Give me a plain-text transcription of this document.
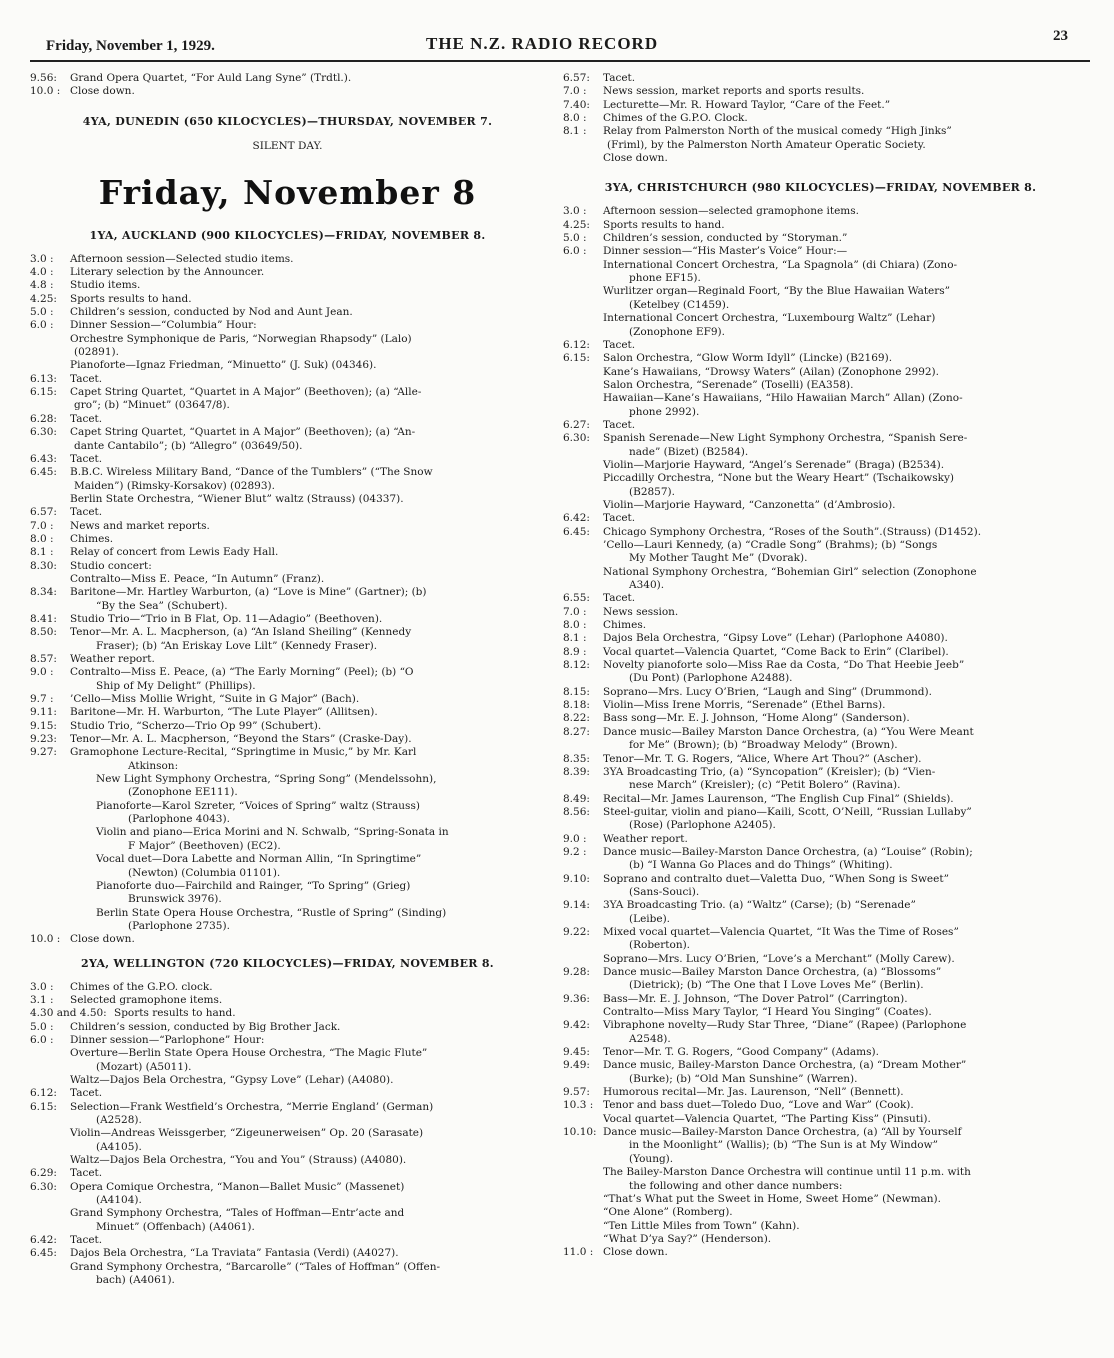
Friday, November 1, 1929.	THE N.Z. RADIO RECORD	23
9.56: Grand Opera Quartet, “For Auld Lang Syne” (Trdtl.).
10.0 : Close down.
4YA, DUNEDIN (650 KILOCYCLES)—THURSDAY, NOVEMBER 7.
SILENT DAY.
Friday, November 8
1YA, AUCKLAND (900 KILOCYCLES)—FRIDAY, NOVEMBER 8.
3.0 : Afternoon session—Selected studio items.
4.0 : Literary selection by the Announcer.
4.8 : Studio items.
4.25: Sports results to hand.
5.0 : Children’s session, conducted by Nod and Aunt Jean.
6.0 : Dinner Session—“Columbia” Hour:
Orchestre Symphonique de Paris, “Norwegian Rhapsody” (Lalo)
(02891).
Pianoforte—Ignaz Friedman, “Minuetto” (J. Suk) (04346).
6.13: Tacet.
6.15: Capet String Quartet, “Quartet in A Major” (Beethoven); (a) “Alle-
gro”; (b) “Minuet” (03647/8).
6.28: Tacet.
6.30: Capet String Quartet, “Quartet in A Major” (Beethoven); (a) “An-
dante Cantabilo”; (b) “Allegro” (03649/50).
6.43: Tacet.
6.45: B.B.C. Wireless Military Band, “Dance of the Tumblers” (“The Snow
Maiden”) (Rimsky-Korsakov) (02893).
Berlin State Orchestra, “Wiener Blut” waltz (Strauss) (04337).
6.57: Tacet.
7.0 : News and market reports.
8.0 : Chimes.
8.1 : Relay of concert from Lewis Eady Hall.
8.30: Studio concert:
Contralto—Miss E. Peace, “In Autumn” (Franz).
8.34: Baritone—Mr. Hartley Warburton, (a) “Love is Mine” (Gartner); (b)
“By the Sea” (Schubert).
8.41: Studio Trio—“Trio in B Flat, Op. 11—Adagio” (Beethoven).
8.50: Tenor—Mr. A. L. Macpherson, (a) “An Island Sheiling” (Kennedy
Fraser); (b) “An Eriskay Love Lilt” (Kennedy Fraser).
8.57: Weather report.
9.0 : Contralto—Miss E. Peace, (a) “The Early Morning” (Peel); (b) “O
Ship of My Delight” (Phillips).
9.7 : ’Cello—Miss Mollie Wright, “Suite in G Major” (Bach).
9.11: Baritone—Mr. H. Warburton, “The Lute Player” (Allitsen).
9.15: Studio Trio, “Scherzo—Trio Op 99” (Schubert).
9.23: Tenor—Mr. A. L. Macpherson, “Beyond the Stars” (Craske-Day).
9.27: Gramophone Lecture-Recital, “Springtime in Music,” by Mr. Karl
Atkinson:
New Light Symphony Orchestra, “Spring Song” (Mendelssohn),
(Zonophone EE111).
Pianoforte—Karol Szreter, “Voices of Spring” waltz (Strauss)
(Parlophone 4043).
Violin and piano—Erica Morini and N. Schwalb, “Spring-Sonata in
F Major” (Beethoven) (EC2).
Vocal duet—Dora Labette and Norman Allin, “In Springtime”
(Newton) (Columbia 01101).
Pianoforte duo—Fairchild and Rainger, “To Spring” (Grieg)
Brunswick 3976).
Berlin State Opera House Orchestra, “Rustle of Spring” (Sinding)
(Parlophone 2735).
10.0 : Close down.
2YA, WELLINGTON (720 KILOCYCLES)—FRIDAY, NOVEMBER 8.
3.0 : Chimes of the G.P.O. clock.
3.1 : Selected gramophone items.
4.30 and 4.50: Sports results to hand.
5.0 : Children’s session, conducted by Big Brother Jack.
6.0 : Dinner session—“Parlophone” Hour:
Overture—Berlin State Opera House Orchestra, “The Magic Flute”
(Mozart) (A5011).
Waltz—Dajos Bela Orchestra, “Gypsy Love” (Lehar) (A4080).
6.12: Tacet.
6.15: Selection—Frank Westfield’s Orchestra, “Merrie England’ (German)
(A2528).
Violin—Andreas Weissgerber, “Zigeunerweisen” Op. 20 (Sarasate)
(A4105).
Waltz—Dajos Bela Orchestra, “You and You” (Strauss) (A4080).
6.29: Tacet.
6.30: Opera Comique Orchestra, “Manon—Ballet Music” (Massenet)
(A4104).
Grand Symphony Orchestra, “Tales of Hoffman—Entr’acte and
Minuet” (Offenbach) (A4061).
6.42: Tacet.
6.45: Dajos Bela Orchestra, “La Traviata” Fantasia (Verdi) (A4027).
Grand Symphony Orchestra, “Barcarolle” (“Tales of Hoffman” (Offen-
bach) (A4061).
6.57: Tacet.
7.0 : News session, market reports and sports results.
7.40: Lecturette—Mr. R. Howard Taylor, “Care of the Feet.”
8.0 : Chimes of the G.P.O. Clock.
8.1 : Relay from Palmerston North of the musical comedy “High Jinks”
(Friml), by the Palmerston North Amateur Operatic Society.
Close down.
3YA, CHRISTCHURCH (980 KILOCYCLES)—FRIDAY, NOVEMBER 8.
3.0 : Afternoon session—selected gramophone items.
4.25: Sports results to hand.
5.0 : Children’s session, conducted by “Storyman.”
6.0 : Dinner session—“His Master’s Voice” Hour:—
International Concert Orchestra, “La Spagnola” (di Chiara) (Zono-
phone EF15).
Wurlitzer organ—Reginald Foort, “By the Blue Hawaiian Waters”
(Ketelbey (C1459).
International Concert Orchestra, “Luxembourg Waltz” (Lehar)
(Zonophone EF9).
6.12: Tacet.
6.15: Salon Orchestra, “Glow Worm Idyll” (Lincke) (B2169).
Kane’s Hawaiians, “Drowsy Waters” (Ailan) (Zonophone 2992).
Salon Orchestra, “Serenade” (Toselli) (EA358).
Hawaiian—Kane’s Hawaiians, “Hilo Hawaiian March” Allan) (Zono-
phone 2992).
6.27: Tacet.
6.30: Spanish Serenade—New Light Symphony Orchestra, “Spanish Sere-
nade” (Bizet) (B2584).
Violin—Marjorie Hayward, “Angel’s Serenade” (Braga) (B2534).
Piccadilly Orchestra, “None but the Weary Heart” (Tschaikowsky)
(B2857).
Violin—Marjorie Hayward, “Canzonetta” (d’Ambrosio).
6.42: Tacet.
6.45: Chicago Symphony Orchestra, “Roses of the South”.(Strauss) (D1452).
’Cello—Lauri Kennedy, (a) “Cradle Song” (Brahms); (b) “Songs
My Mother Taught Me” (Dvorak).
National Symphony Orchestra, “Bohemian Girl” selection (Zonophone
A340).
6.55: Tacet.
7.0 : News session.
8.0 : Chimes.
8.1 : Dajos Bela Orchestra, “Gipsy Love” (Lehar) (Parlophone A4080).
8.9 : Vocal quartet—Valencia Quartet, “Come Back to Erin” (Claribel).
8.12: Novelty pianoforte solo—Miss Rae da Costa, “Do That Heebie Jeeb”
(Du Pont) (Parlophone A2488).
8.15: Soprano—Mrs. Lucy O’Brien, “Laugh and Sing” (Drummond).
8.18: Violin—Miss Irene Morris, “Serenade” (Ethel Barns).
8.22: Bass song—Mr. E. J. Johnson, “Home Along” (Sanderson).
8.27: Dance music—Bailey Marston Dance Orchestra, (a) “You Were Meant
for Me” (Brown); (b) “Broadway Melody” (Brown).
8.35: Tenor—Mr. T. G. Rogers, “Alice, Where Art Thou?” (Ascher).
8.39: 3YA Broadcasting Trio, (a) “Syncopation” (Kreisler); (b) “Vien-
nese March” (Kreisler); (c) “Petit Bolero” (Ravina).
8.49: Recital—Mr. James Laurenson, “The English Cup Final” (Shields).
8.56: Steel-guitar, violin and piano—Kaili, Scott, O’Neill, “Russian Lullaby”
(Rose) (Parlophone A2405).
9.0 : Weather report.
9.2 : Dance music—Bailey-Marston Dance Orchestra, (a) “Louise” (Robin);
(b) “I Wanna Go Places and do Things” (Whiting).
9.10: Soprano and contralto duet—Valetta Duo, “When Song is Sweet”
(Sans-Souci).
9.14: 3YA Broadcasting Trio. (a) “Waltz” (Carse); (b) “Serenade”
(Leibe).
9.22: Mixed vocal quartet—Valencia Quartet, “It Was the Time of Roses”
(Roberton).
Soprano—Mrs. Lucy O’Brien, “Love’s a Merchant” (Molly Carew).
9.28: Dance music—Bailey Marston Dance Orchestra, (a) “Blossoms”
(Dietrick); (b) “The One that I Love Loves Me” (Berlin).
9.36: Bass—Mr. E. J. Johnson, “The Dover Patrol” (Carrington).
Contralto—Miss Mary Taylor, “I Heard You Singing” (Coates).
9.42: Vibraphone novelty—Rudy Star Three, “Diane” (Rapee) (Parlophone
A2548).
9.45: Tenor—Mr. T. G. Rogers, “Good Company” (Adams).
9.49: Dance music, Bailey-Marston Dance Orchestra, (a) “Dream Mother”
(Burke); (b) “Old Man Sunshine” (Warren).
9.57: Humorous recital—Mr. Jas. Laurenson, “Nell” (Bennett).
10.3 : Tenor and bass duet—Toledo Duo, “Love and War” (Cook).
Vocal quartet—Valencia Quartet, “The Parting Kiss” (Pinsuti).
10.10: Dance music—Bailey-Marston Dance Orchestra, (a) “All by Yourself
in the Moonlight” (Wallis); (b) “The Sun is at My Window”
(Young).
The Bailey-Marston Dance Orchestra will continue until 11 p.m. with
the following and other dance numbers:
“That’s What put the Sweet in Home, Sweet Home” (Newman).
“One Alone” (Romberg).
“Ten Little Miles from Town” (Kahn).
“What D’ya Say?” (Henderson).
11.0 : Close down.
